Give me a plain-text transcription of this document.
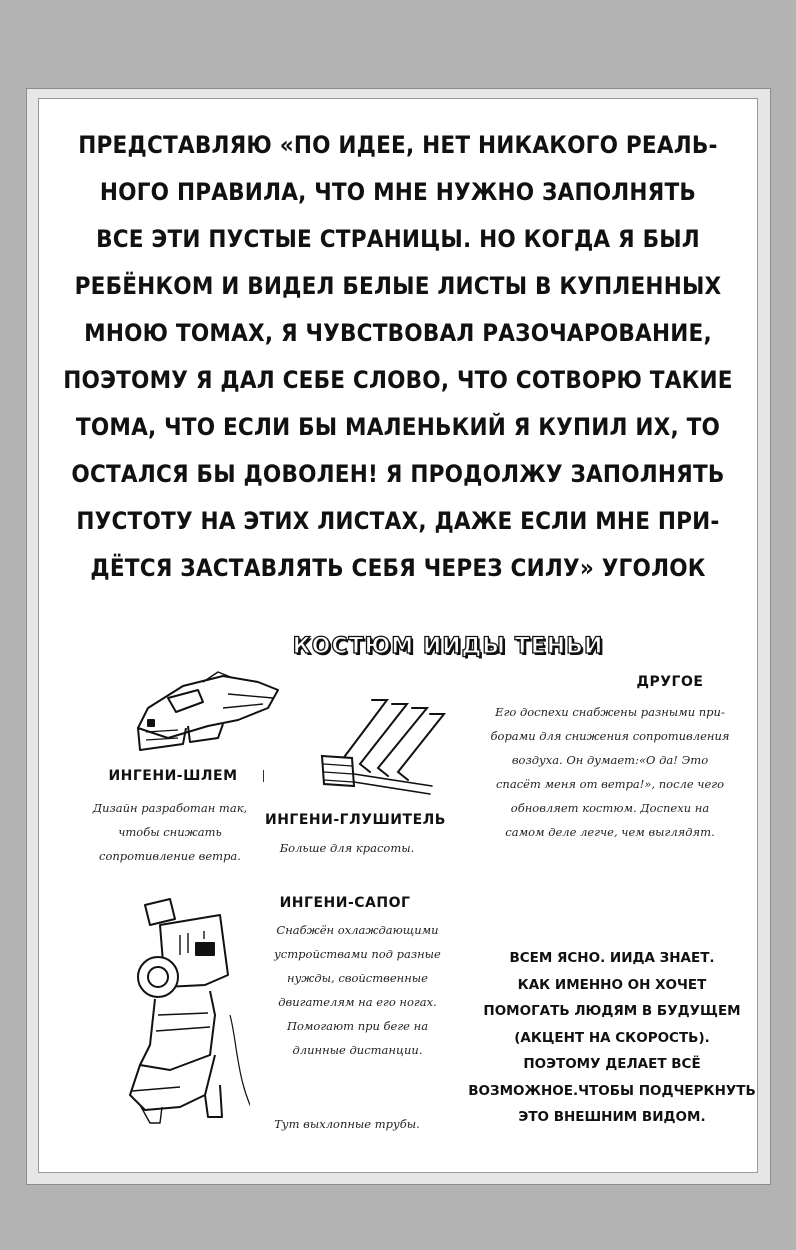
ПРЕДСТАВЛЯЮ «ПО ИДЕЕ, НЕТ НИКАКОГО РЕАЛЬ-
НОГО ПРАВИЛА, ЧТО МНЕ НУЖНО ЗАПОЛНЯТЬ
ВСЕ ЭТИ ПУСТЫЕ СТРАНИЦЫ. НО КОГДА Я БЫЛ
РЕБЁНКОМ И ВИДЕЛ БЕЛЫЕ ЛИСТЫ В КУПЛЕННЫХ
МНОЮ ТОМАХ, Я ЧУВСТВОВАЛ РАЗОЧАРОВАНИЕ,
ПОЭТОМУ Я ДАЛ СЕБЕ СЛОВО, ЧТО СОТВОРЮ ТАКИЕ
ТОМА, ЧТО ЕСЛИ БЫ МАЛЕНЬКИЙ Я КУПИЛ ИХ, ТО
ОСТАЛСЯ БЫ ДОВОЛЕН! Я ПРОДОЛЖУ ЗАПОЛНЯТЬ
ПУСТОТУ НА ЭТИХ ЛИСТАХ, ДАЖЕ ЕСЛИ МНЕ ПРИ-
ДЁТСЯ ЗАСТАВЛЯТЬ СЕБЯ ЧЕРЕЗ СИЛУ» УГОЛОК

КОСТЮМ ИИДЫ ТЕНЬИ
ИНГЕНИ-ШЛЕМ
Дизайн разработан так,
чтобы снижать
сопротивление ветра.
ИНГЕНИ-ГЛУШИТЕЛЬ
Больше для красоты.
ИНГЕНИ-САПОГ
Снабжён охлаждающими
устройствами под разные
нужды, свойственные
двигателям на его ногах.
Помогают при беге на
длинные дистанции.
Тут выхлопные трубы.
ДРУГОЕ
Его доспехи снабжены разными при-
борами для снижения сопротивления
воздуха. Он думает:«О да! Это
спасёт меня от ветра!», после чего
обновляет костюм. Доспехи на
самом деле легче, чем выглядят.
ВСЕМ ЯСНО. ИИДА ЗНАЕТ.
КАК ИМЕННО ОН ХОЧЕТ
ПОМОГАТЬ ЛЮДЯМ В БУДУЩЕМ
(АКЦЕНТ НА СКОРОСТЬ).
ПОЭТОМУ ДЕЛАЕТ ВСЁ
ВОЗМОЖНОЕ.ЧТОБЫ ПОДЧЕРКНУТЬ
ЭТО ВНЕШНИМ ВИДОМ.
